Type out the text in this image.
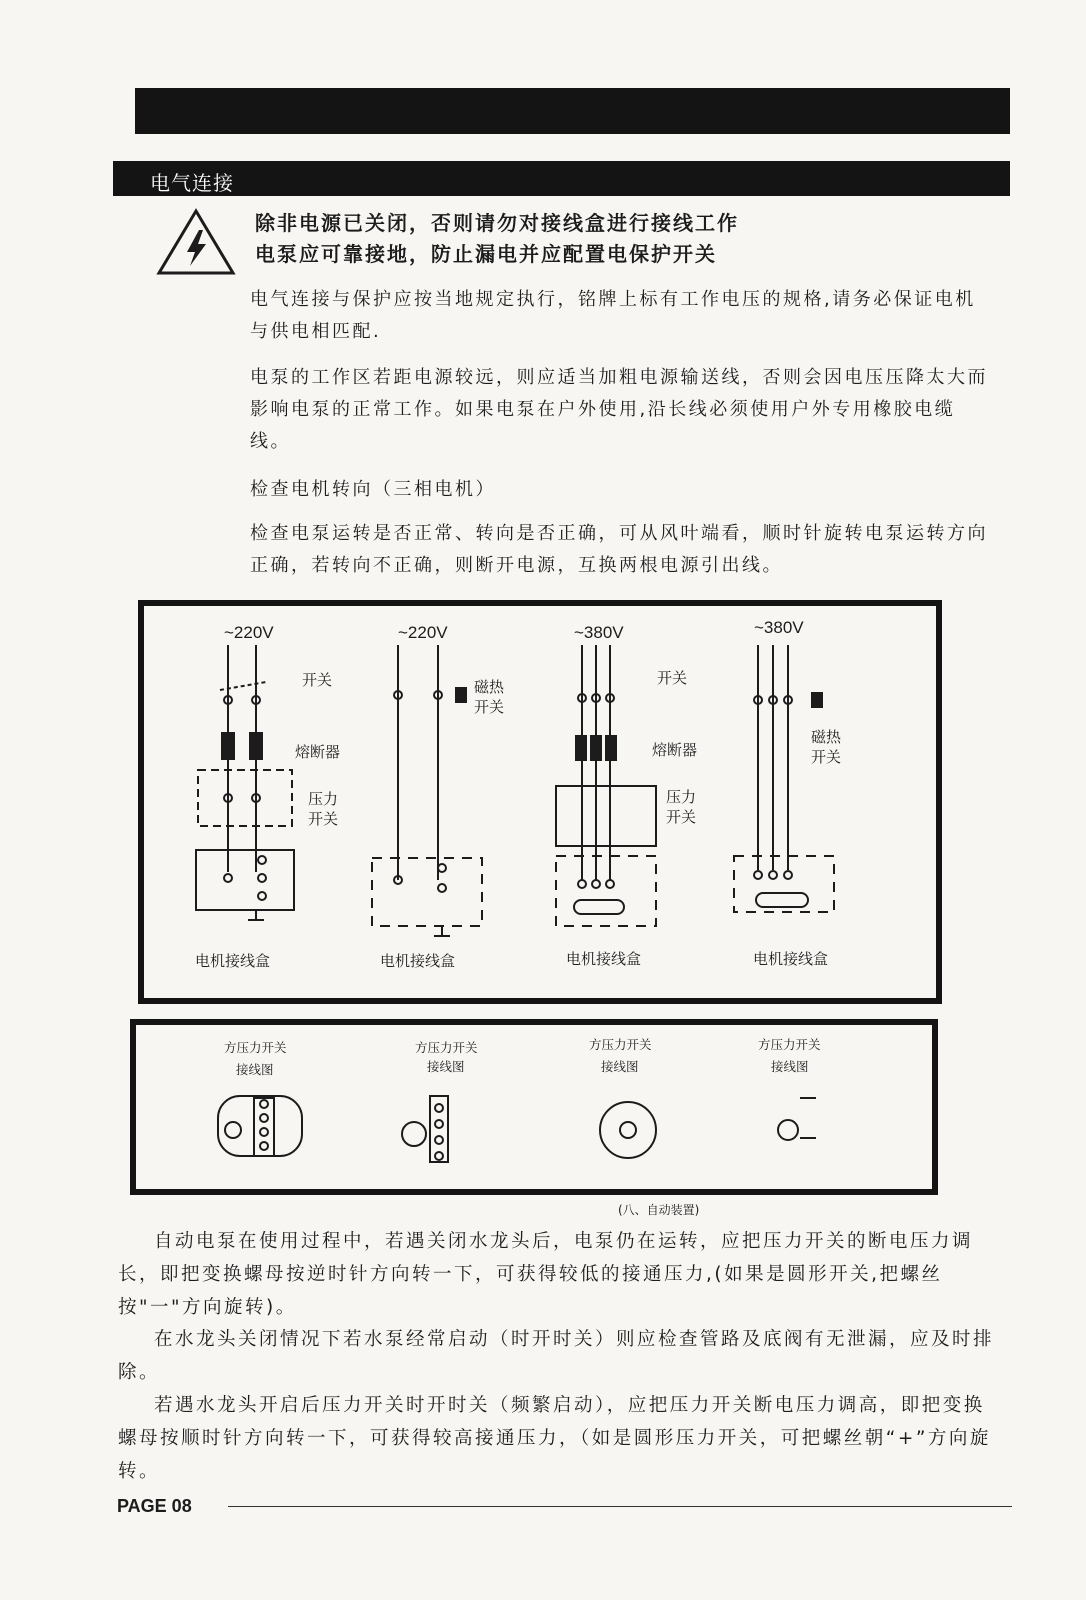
电气连接
除非电源已关闭，否则请勿对接线盒进行接线工作
电泵应可靠接地，防止漏电并应配置电保护开关
电气连接与保护应按当地规定执行，铭牌上标有工作电压的规格,请务必保证电机与供电相匹配.
电泵的工作区若距电源较远，则应适当加粗电源输送线，否则会因电压压降太大而影响电泵的正常工作。如果电泵在户外使用,沿长线必须使用户外专用橡胶电缆线。
检查电机转向（三相电机）
检查电泵运转是否正常、转向是否正确，可从风叶端看，顺时针旋转电泵运转方向正确，若转向不正确，则断开电源，互换两根电源引出线。
~220V
开关
熔断器
压力开关
电机接线盒
~220V
磁热开关
电机接线盒
~380V
开关
熔断器
压力开关
电机接线盒
~380V
磁热开关
电机接线盒
方压力开关
接线图
方压力开关
接线图
方压力开关
接线图
方压力开关
接线图
(八、自动装置)
自动电泵在使用过程中，若遇关闭水龙头后，电泵仍在运转，应把压力开关的断电压力调长，即把变换螺母按逆时针方向转一下，可获得较低的接通压力,(如果是圆形开关,把螺丝按"一"方向旋转)。
在水龙头关闭情况下若水泵经常启动（时开时关）则应检查管路及底阀有无泄漏，应及时排除。
若遇水龙头开启后压力开关时开时关（频繁启动），应把压力开关断电压力调高，即把变换螺母按顺时针方向转一下，可获得较高接通压力，（如是圆形压力开关，可把螺丝朝“+”方向旋转。
PAGE 08
